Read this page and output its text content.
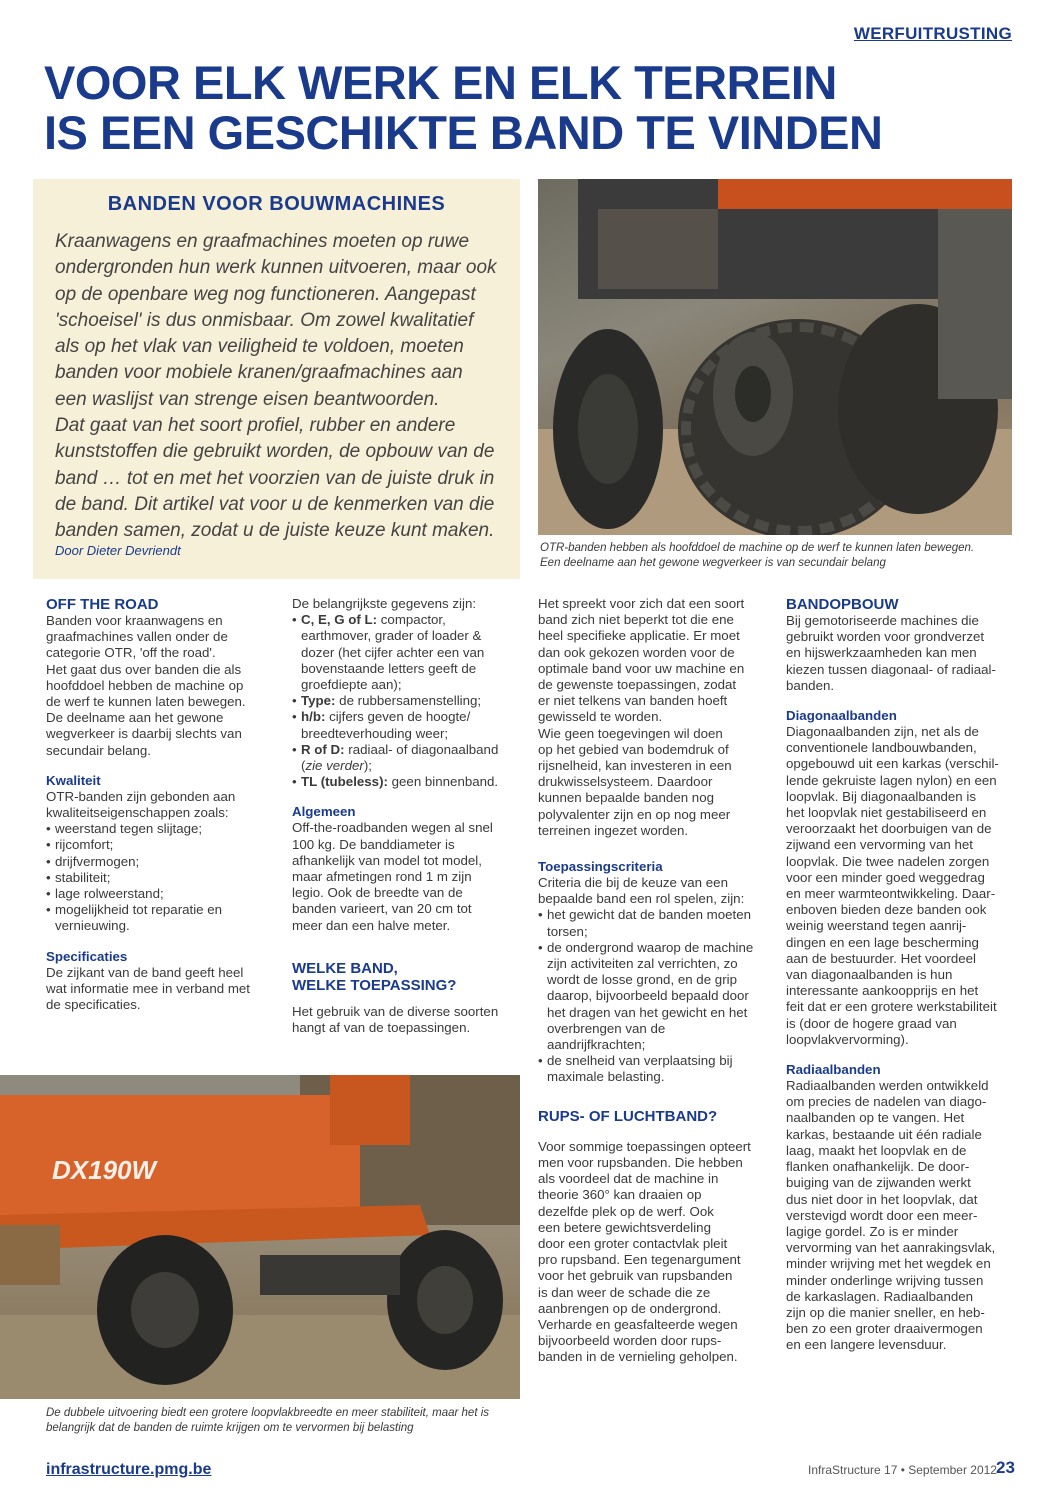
WERFUITRUSTING
VOOR ELK WERK EN ELK TERREIN
IS EEN GESCHIKTE BAND TE VINDEN
BANDEN VOOR BOUWMACHINES
Kraanwagens en graafmachines moeten op ruwe
ondergronden hun werk kunnen uitvoeren, maar ook
op de openbare weg nog functioneren. Aangepast
'schoeisel' is dus onmisbaar. Om zowel kwalitatief
als op het vlak van veiligheid te voldoen, moeten
banden voor mobiele kranen/graafmachines aan
een waslijst van strenge eisen beantwoorden.
Dat gaat van het soort profiel, rubber en andere
kunststoffen die gebruikt worden, de opbouw van de
band … tot en met het voorzien van de juiste druk in
de band. Dit artikel vat voor u de kenmerken van die
banden samen, zodat u de juiste keuze kunt maken.
Door Dieter Devriendt	OTR-banden hebben als hoofddoel de machine op de werf te kunnen laten bewegen.
Een deelname aan het gewone wegverkeer is van secundair belang

OFF THE ROAD

Banden voor kraanwagens en
graafmachines vallen onder de
categorie OTR, 'off the road'.
Het gaat dus over banden die als
hoofddoel hebben de machine op
de werf te kunnen laten bewegen.
De deelname aan het gewone
wegverkeer is daarbij slechts van
secundair belang.

Kwaliteit

OTR-banden zijn gebonden aan
kwaliteitseigenschappen zoals:

• weerstand tegen slijtage;
• rijcomfort;
• drijfvermogen;
• stabiliteit;
• lage rolweerstand;
• mogelijkheid tot reparatie en vernieuwing.

Specificaties

De zijkant van de band geeft heel
wat informatie mee in verband met
de specificaties.

De belangrijkste gegevens zijn:

• C, E, G of L: compactor, earthmover, grader of loader & dozer (het cijfer achter een van bovenstaande letters geeft de groefdiepte aan);
• Type: de rubbersamenstelling;
• h/b: cijfers geven de hoogte/ breedteverhouding weer;
• R of D: radiaal- of diagonaalband (zie verder);
• TL (tubeless): geen binnenband.

Algemeen

Off-the-roadbanden wegen al snel
100 kg. De banddiameter is
afhankelijk van model tot model,
maar afmetingen rond 1 m zijn
legio. Ook de breedte van de
banden varieert, van 20 cm tot
meer dan een halve meter.

WELKE BAND,
WELKE TOEPASSING?

Het gebruik van de diverse soorten
hangt af van de toepassingen.

Het spreekt voor zich dat een soort
band zich niet beperkt tot die ene
heel specifieke applicatie. Er moet
dan ook gekozen worden voor de
optimale band voor uw machine en
de gewenste toepassingen, zodat
er niet telkens van banden hoeft
gewisseld te worden.
Wie geen toegevingen wil doen
op het gebied van bodemdruk of
rijsnelheid, kan investeren in een
drukwisselsysteem. Daardoor
kunnen bepaalde banden nog
polyvalenter zijn en op nog meer
terreinen ingezet worden.

Toepassingscriteria

Criteria die bij de keuze van een
bepaalde band een rol spelen, zijn:

• het gewicht dat de banden moeten torsen;
• de ondergrond waarop de machine zijn activiteiten zal verrichten, zo wordt de losse grond, en de grip daarop, bijvoorbeeld bepaald door het dragen van het gewicht en het overbrengen van de aandrijfkrachten;
• de snelheid van verplaatsing bij maximale belasting.

RUPS- OF LUCHTBAND?

Voor sommige toepassingen opteert
men voor rupsbanden. Die hebben
als voordeel dat de machine in
theorie 360° kan draaien op
dezelfde plek op de werf. Ook
een betere gewichtsverdeling
door een groter contactvlak pleit
pro rupsband. Een tegenargument
voor het gebruik van rupsbanden
is dan weer de schade die ze
aanbrengen op de ondergrond.
Verharde en geasfalteerde wegen
bijvoorbeeld worden door rups-
banden in de vernieling geholpen.

BANDOPBOUW

Bij gemotoriseerde machines die
gebruikt worden voor grondverzet
en hijswerkzaamheden kan men
kiezen tussen diagonaal- of radiaal-
banden.

Diagonaalbanden

Diagonaalbanden zijn, net als de
conventionele landbouwbanden,
opgebouwd uit een karkas (verschil-
lende gekruiste lagen nylon) en een
loopvlak. Bij diagonaalbanden is
het loopvlak niet gestabiliseerd en
veroorzaakt het doorbuigen van de
zijwand een vervorming van het
loopvlak. Die twee nadelen zorgen
voor een minder goed weggedrag
en meer warmteontwikkeling. Daar-
enboven bieden deze banden ook
weinig weerstand tegen aanrij-
dingen en een lage bescherming
aan de bestuurder. Het voordeel
van diagonaalbanden is hun
interessante aankoopprijs en het
feit dat er een grotere werkstabiliteit
is (door de hogere graad van
loopvlakvervorming).

Radiaalbanden

Radiaalbanden werden ontwikkeld
om precies de nadelen van diago-
naalbanden op te vangen. Het
karkas, bestaande uit één radiale
laag, maakt het loopvlak en de
flanken onafhankelijk. De door-
buiging van de zijwanden werkt
dus niet door in het loopvlak, dat
verstevigd wordt door een meer-
lagige gordel. Zo is er minder
vervorming van het aanrakingsvlak,
minder wrijving met het wegdek en
minder onderlinge wrijving tussen
de karkaslagen. Radiaalbanden
zijn op die manier sneller, en heb-
ben zo een groter draaivermogen
en een langere levensduur.

DX190W
De dubbele uitvoering biedt een grotere loopvlakbreedte en meer stabiliteit, maar het is
belangrijk dat de banden de ruimte krijgen om te vervormen bij belasting
infrastructure.pmg.be	InfraStructure 17 • September 2012 23
